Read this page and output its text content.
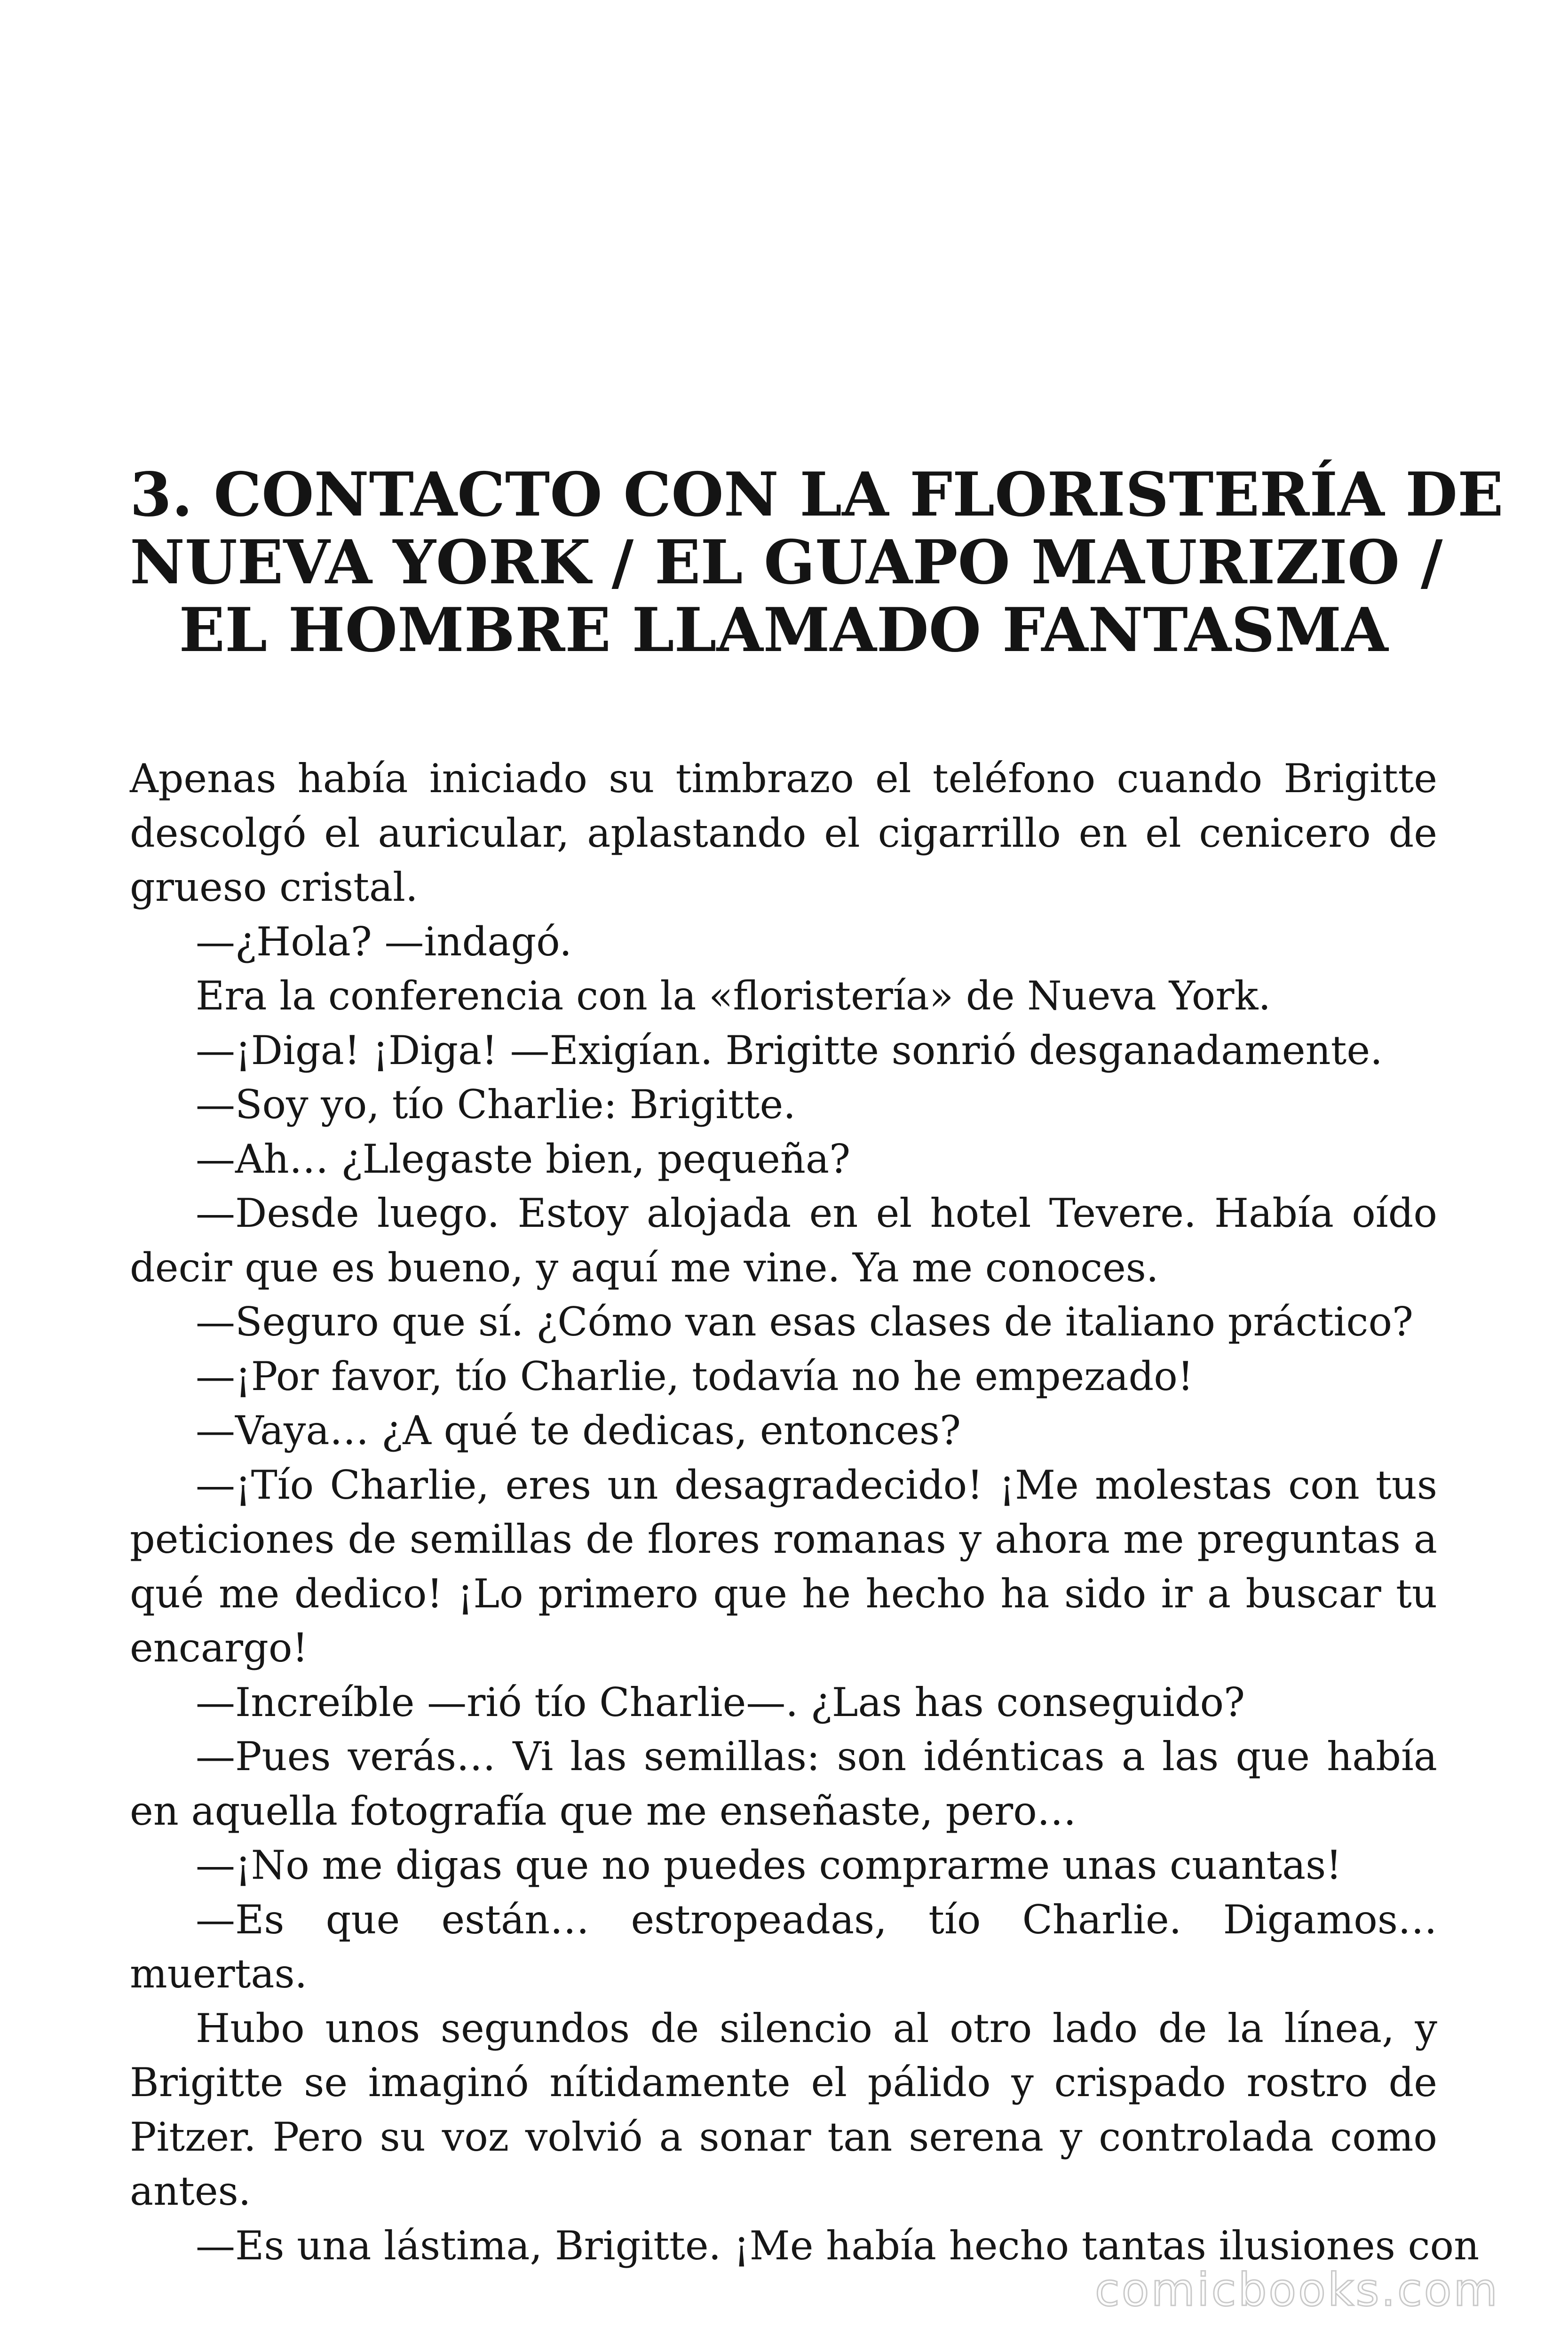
3. CONTACTO CON LA FLORISTERÍA DE
NUEVA YORK / EL GUAPO MAURIZIO /
EL HOMBRE LLAMADO FANTASMA

Apenas había iniciado su timbrazo el teléfono cuando Brigitte descolgó el auricular, aplastando el cigarrillo en el cenicero de grueso cristal.

—¿Hola? —indagó.

Era la conferencia con la «floristería» de Nueva York.

—¡Diga! ¡Diga! —Exigían. Brigitte sonrió desganadamente.

—Soy yo, tío Charlie: Brigitte.

—Ah… ¿Llegaste bien, pequeña?

—Desde luego. Estoy alojada en el hotel Tevere. Había oído decir que es bueno, y aquí me vine. Ya me conoces.

—Seguro que sí. ¿Cómo van esas clases de italiano práctico?

—¡Por favor, tío Charlie, todavía no he empezado!

—Vaya… ¿A qué te dedicas, entonces?

—¡Tío Charlie, eres un desagradecido! ¡Me molestas con tus peticiones de semillas de flores romanas y ahora me preguntas a qué me dedico! ¡Lo primero que he hecho ha sido ir a buscar tu encargo!

—Increíble —rió tío Charlie—. ¿Las has conseguido?

—Pues verás… Vi las semillas: son idénticas a las que había en aquella fotografía que me enseñaste, pero…

—¡No me digas que no puedes comprarme unas cuantas!

—Es que están… estropeadas, tío Charlie. Digamos… muertas.

Hubo unos segundos de silencio al otro lado de la línea, y Brigitte se imaginó nítidamente el pálido y crispado rostro de Pitzer. Pero su voz volvió a sonar tan serena y controlada como antes.

—Es una lástima, Brigitte. ¡Me había hecho tantas ilusiones con

comicbooks.com
